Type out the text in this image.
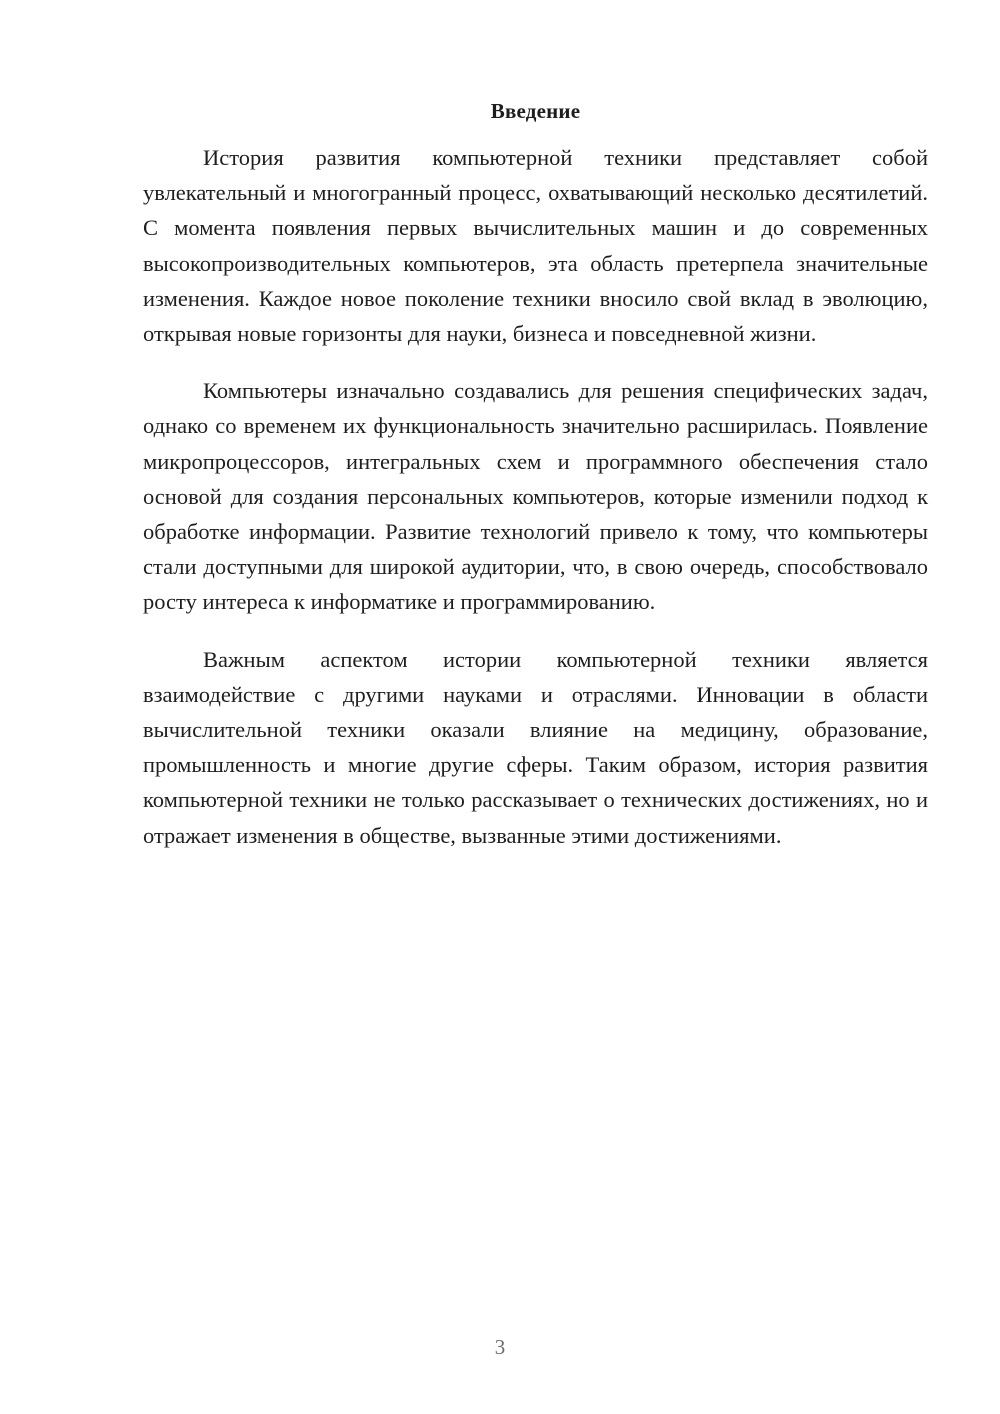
Введение

История развития компьютерной техники представляет собой увлекательный и многогранный процесс, охватывающий несколько десятилетий. С момента появления первых вычислительных машин и до современных высокопроизводительных компьютеров, эта область претерпела значительные изменения. Каждое новое поколение техники вносило свой вклад в эволюцию, открывая новые горизонты для науки, бизнеса и повседневной жизни.

Компьютеры изначально создавались для решения специфических задач, однако со временем их функциональность значительно расширилась. Появление микропроцессоров, интегральных схем и программного обеспечения стало основой для создания персональных компьютеров, которые изменили подход к обработке информации. Развитие технологий привело к тому, что компьютеры стали доступными для широкой аудитории, что, в свою очередь, способствовало росту интереса к информатике и программированию.

Важным аспектом истории компьютерной техники является взаимодействие с другими науками и отраслями. Инновации в области вычислительной техники оказали влияние на медицину, образование, промышленность и многие другие сферы. Таким образом, история развития компьютерной техники не только рассказывает о технических достижениях, но и отражает изменения в обществе, вызванные этими достижениями.

3
